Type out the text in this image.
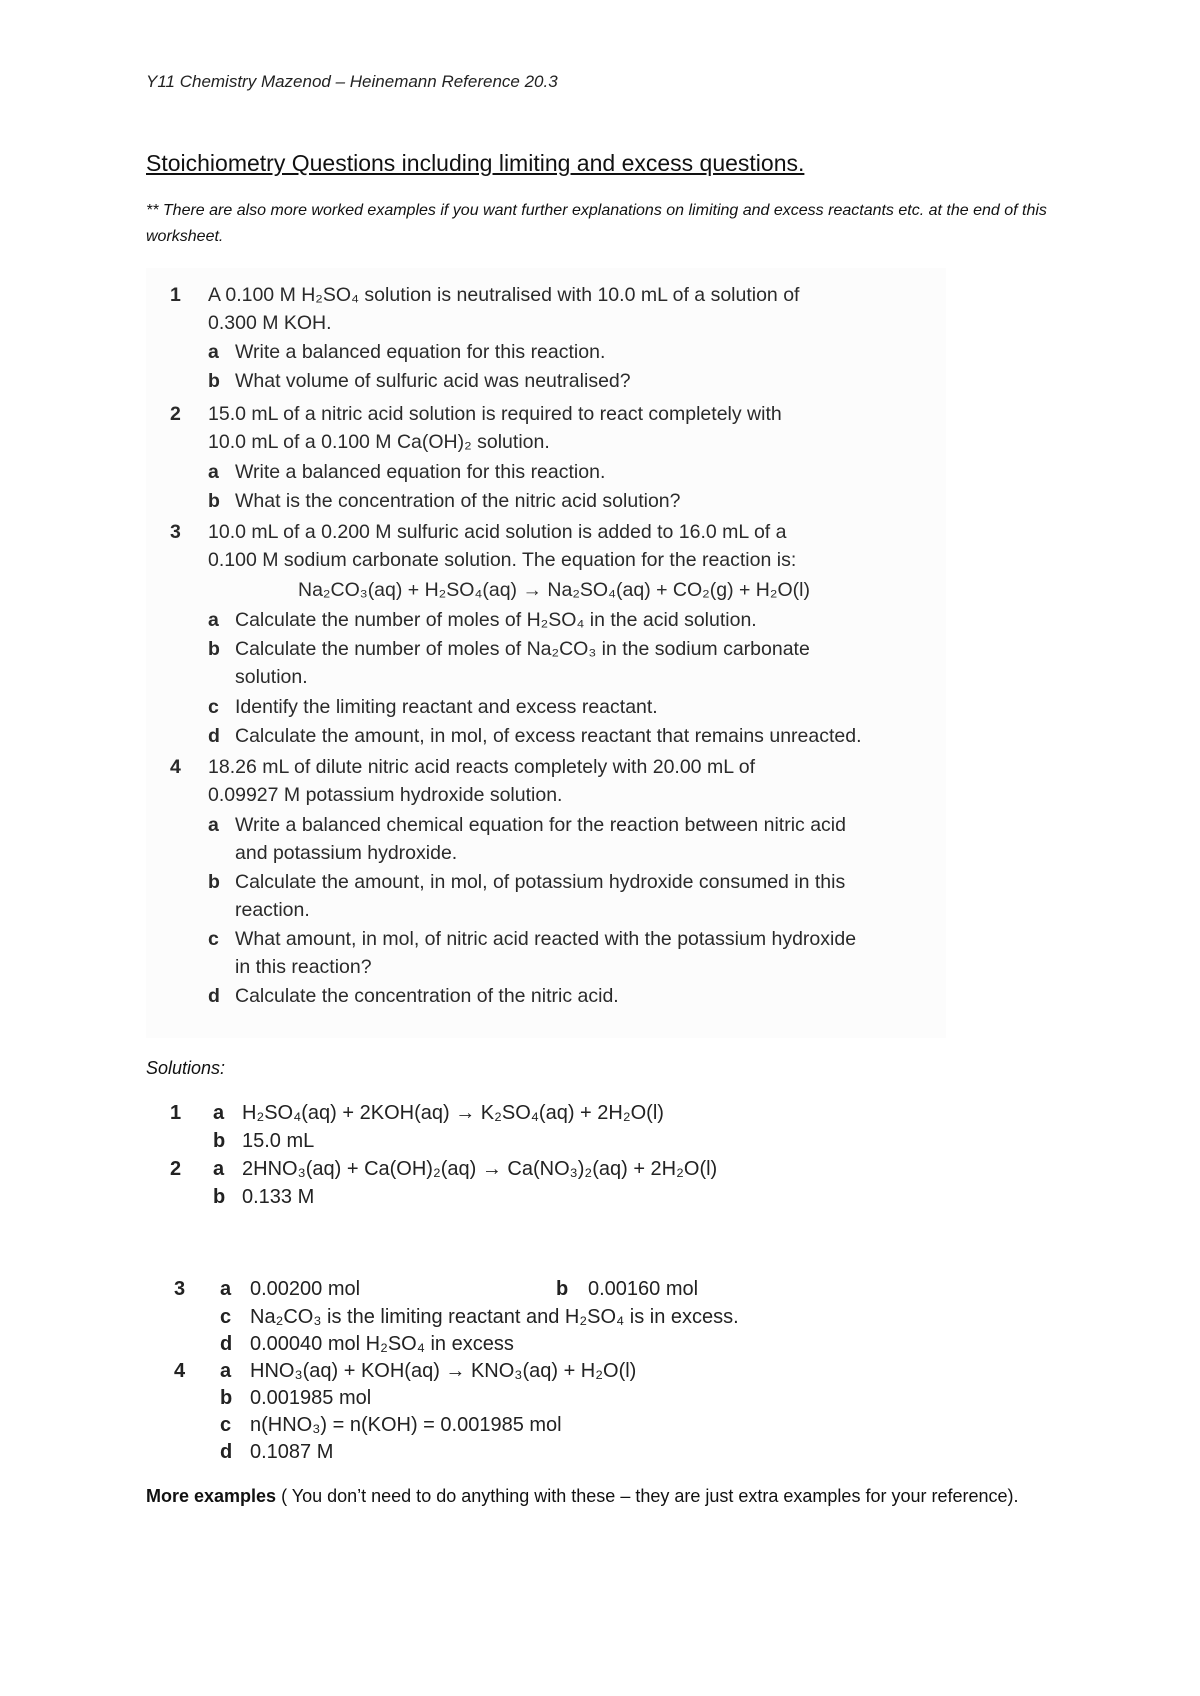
Y11 Chemistry Mazenod – Heinemann Reference 20.3
Stoichiometry Questions including limiting and excess questions.
** There are also more worked examples if you want further explanations on limiting and excess reactants etc. at the end of this worksheet.
1 A 0.100 M H₂SO₄ solution is neutralised with 10.0 mL of a solution of
0.300 M KOH.
a Write a balanced equation for this reaction.
b What volume of sulfuric acid was neutralised?
2 15.0 mL of a nitric acid solution is required to react completely with
10.0 mL of a 0.100 M Ca(OH)₂ solution.
a Write a balanced equation for this reaction.
b What is the concentration of the nitric acid solution?
3 10.0 mL of a 0.200 M sulfuric acid solution is added to 16.0 mL of a
0.100 M sodium carbonate solution. The equation for the reaction is:
Na₂CO₃(aq) + H₂SO₄(aq) → Na₂SO₄(aq) + CO₂(g) + H₂O(l)
a Calculate the number of moles of H₂SO₄ in the acid solution.
b Calculate the number of moles of Na₂CO₃ in the sodium carbonate
solution.
c Identify the limiting reactant and excess reactant.
d Calculate the amount, in mol, of excess reactant that remains unreacted.
4 18.26 mL of dilute nitric acid reacts completely with 20.00 mL of
0.09927 M potassium hydroxide solution.
a Write a balanced chemical equation for the reaction between nitric acid
and potassium hydroxide.
b Calculate the amount, in mol, of potassium hydroxide consumed in this
reaction.
c What amount, in mol, of nitric acid reacted with the potassium hydroxide
in this reaction?
d Calculate the concentration of the nitric acid.
Solutions:
1 a H₂SO₄(aq) + 2KOH(aq) → K₂SO₄(aq) + 2H₂O(l)
b 15.0 mL
2 a 2HNO₃(aq) + Ca(OH)₂(aq) → Ca(NO₃)₂(aq) + 2H₂O(l)
b 0.133 M
3 a 0.00200 mol	b 0.00160 mol
c Na₂CO₃ is the limiting reactant and H₂SO₄ is in excess.
d 0.00040 mol H₂SO₄ in excess
4 a HNO₃(aq) + KOH(aq) → KNO₃(aq) + H₂O(l)
b 0.001985 mol
c n(HNO₃) = n(KOH) = 0.001985 mol
d 0.1087 M
More examples ( You don’t need to do anything with these – they are just extra examples for your reference).
